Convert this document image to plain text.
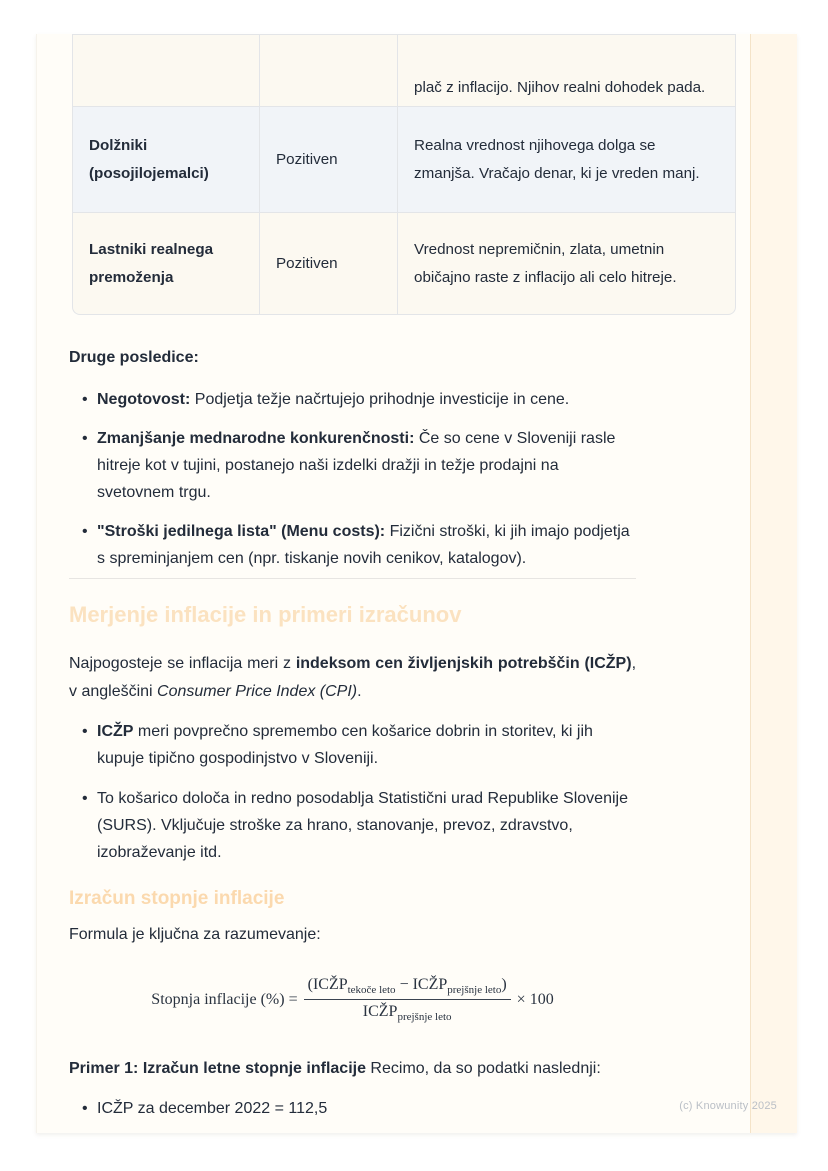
		plač z inflacijo. Njihov realni dohodek pada.
Dolžniki (posojilojemalci)	Pozitiven	Realna vrednost njihovega dolga se zmanjša. Vračajo denar, ki je vreden manj.
Lastniki realnega premoženja	Pozitiven	Vrednost nepremičnin, zlata, umetnin običajno raste z inflacijo ali celo hitreje.
Druge posledice:
• Negotovost: Podjetja težje načrtujejo prihodnje investicije in cene.
• Zmanjšanje mednarodne konkurenčnosti: Če so cene v Sloveniji rasle hitreje kot v tujini, postanejo naši izdelki dražji in težje prodajni na svetovnem trgu.
• "Stroški jedilnega lista" (Menu costs): Fizični stroški, ki jih imajo podjetja s spreminjanjem cen (npr. tiskanje novih cenikov, katalogov).
Merjenje inflacije in primeri izračunov
Najpogosteje se inflacija meri z indeksom cen življenjskih potrebščin (ICŽP), v angleščini Consumer Price Index (CPI).
• ICŽP meri povprečno spremembo cen košarice dobrin in storitev, ki jih kupuje tipično gospodinjstvo v Sloveniji.
• To košarico določa in redno posodablja Statistični urad Republike Slovenije (SURS). Vključuje stroške za hrano, stanovanje, prevoz, zdravstvo, izobraževanje itd.
Izračun stopnje inflacije
Formula je ključna za razumevanje:
Stopnja inflacije (%) = $\frac{(ICŽP_{tekoče leto} - ICŽP_{prejšnje leto})}{ICŽP_{prejšnje leto}} \times 100$
Primer 1: Izračun letne stopnje inflacije Recimo, da so podatki naslednji:
• ICŽP za december 2022 = 112,5	(c) Knowunity 2025
